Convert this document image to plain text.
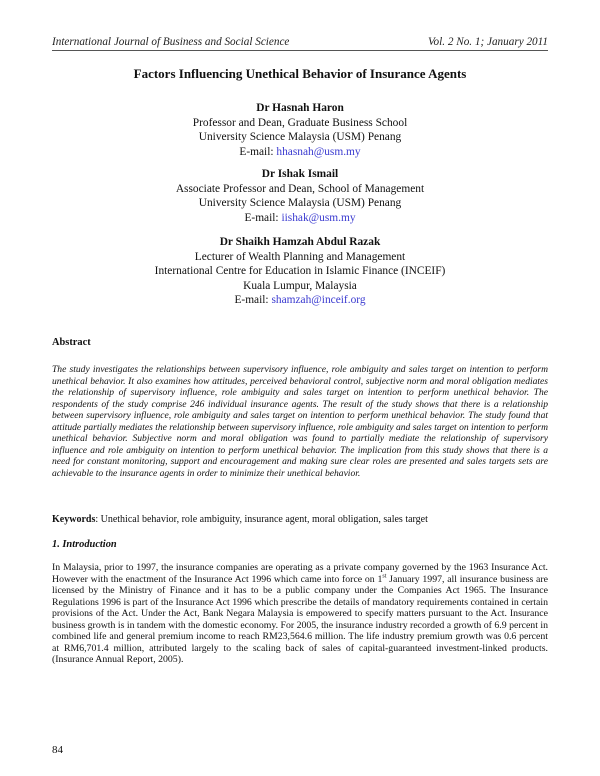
International Journal of Business and Social Science	Vol. 2 No. 1; January 2011
Factors Influencing Unethical Behavior of Insurance Agents
Dr Hasnah Haron
Professor and Dean, Graduate Business School
University Science Malaysia (USM) Penang
E-mail: hhasnah@usm.my
Dr Ishak Ismail
Associate Professor and Dean, School of Management
University Science Malaysia (USM) Penang
E-mail: iishak@usm.my
Dr Shaikh Hamzah Abdul Razak
Lecturer of Wealth Planning and Management
International Centre for Education in Islamic Finance (INCEIF)
Kuala Lumpur, Malaysia
E-mail: shamzah@inceif.org
Abstract
The study investigates the relationships between supervisory influence, role ambiguity and sales target on intention to perform unethical behavior. It also examines how attitudes, perceived behavioral control, subjective norm and moral obligation mediates the relationship of supervisory influence, role ambiguity and sales target on intention to perform unethical behavior. The respondents of the study comprise 246 individual insurance agents. The result of the study shows that there is a relationship between supervisory influence, role ambiguity and sales target on intention to perform unethical behavior. The study found that attitude partially mediates the relationship between supervisory influence, role ambiguity and sales target on intention to perform unethical behavior. Subjective norm and moral obligation was found to partially mediate the relationship of supervisory influence and role ambiguity on intention to perform unethical behavior. The implication from this study shows that there is a need for constant monitoring, support and encouragement and making sure clear roles are presented and sales targets sets are achievable to the insurance agents in order to minimize their unethical behavior.
Keywords: Unethical behavior, role ambiguity, insurance agent, moral obligation, sales target
1. Introduction
In Malaysia, prior to 1997, the insurance companies are operating as a private company governed by the 1963 Insurance Act. However with the enactment of the Insurance Act 1996 which came into force on 1st January 1997, all insurance business are licensed by the Ministry of Finance and it has to be a public company under the Companies Act 1965. The Insurance Regulations 1996 is part of the Insurance Act 1996 which prescribe the details of mandatory requirements contained in certain provisions of the Act. Under the Act, Bank Negara Malaysia is empowered to specify matters pursuant to the Act. Insurance business growth is in tandem with the domestic economy. For 2005, the insurance industry recorded a growth of 6.9 percent in combined life and general premium income to reach RM23,564.6 million. The life industry premium growth was 0.6 percent at RM6,701.4 million, attributed largely to the scaling back of sales of capital-guaranteed investment-linked products. (Insurance Annual Report, 2005).
84
